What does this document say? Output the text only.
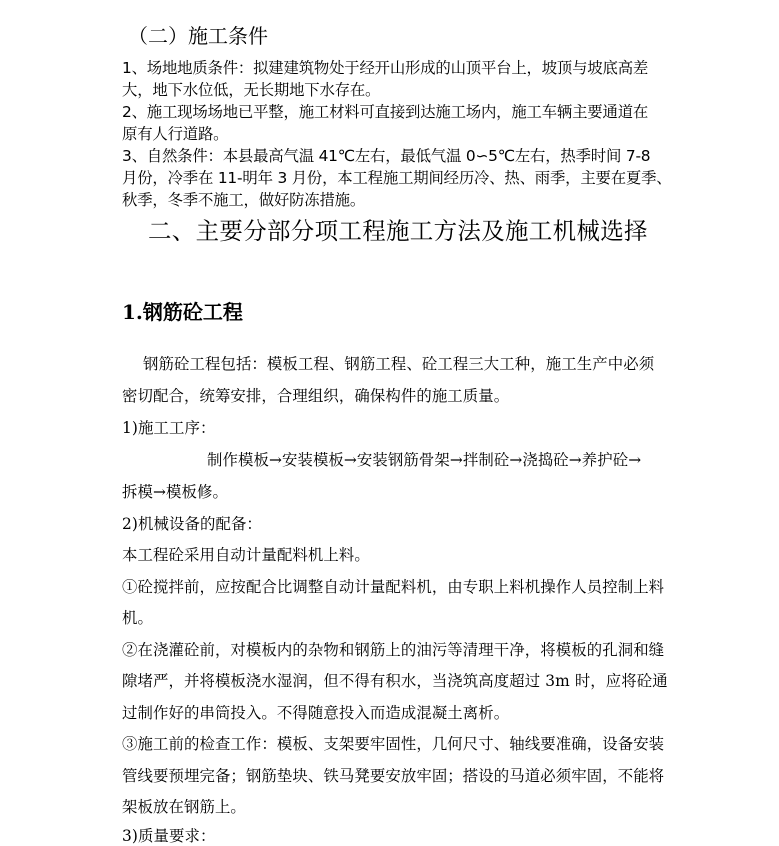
（二）施工条件
1、场地地质条件：拟建建筑物处于经开山形成的山顶平台上，坡顶与坡底高差
大，地下水位低，无长期地下水存在。
2、施工现场场地已平整，施工材料可直接到达施工场内，施工车辆主要通道在
原有人行道路。
3、自然条件：本县最高气温 41℃左右，最低气温 0∽5℃左右，热季时间 7-8
月份，冷季在 11-明年 3 月份，本工程施工期间经历冷、热、雨季，主要在夏季、
秋季，冬季不施工，做好防冻措施。
二、主要分部分项工程施工方法及施工机械选择
1.钢筋砼工程
钢筋砼工程包括：模板工程、钢筋工程、砼工程三大工种，施工生产中必须
密切配合，统筹安排，合理组织，确保构件的施工质量。
1)施工工序：
制作模板→安装模板→安装钢筋骨架→拌制砼→浇捣砼→养护砼→
拆模→模板修。
2)机械设备的配备：
本工程砼采用自动计量配料机上料。
①砼搅拌前，应按配合比调整自动计量配料机，由专职上料机操作人员控制上料
机。
②在浇灌砼前，对模板内的杂物和钢筋上的油污等清理干净，将模板的孔洞和缝
隙堵严，并将模板浇水湿润，但不得有积水，当浇筑高度超过 3m 时，应将砼通
过制作好的串筒投入。不得随意投入而造成混凝土离析。
③施工前的检查工作：模板、支架要牢固性，几何尺寸、轴线要准确，设备安装
管线要预埋完备；钢筋垫块、铁马凳要安放牢固；搭设的马道必须牢固，不能将
架板放在钢筋上。
3)质量要求：
